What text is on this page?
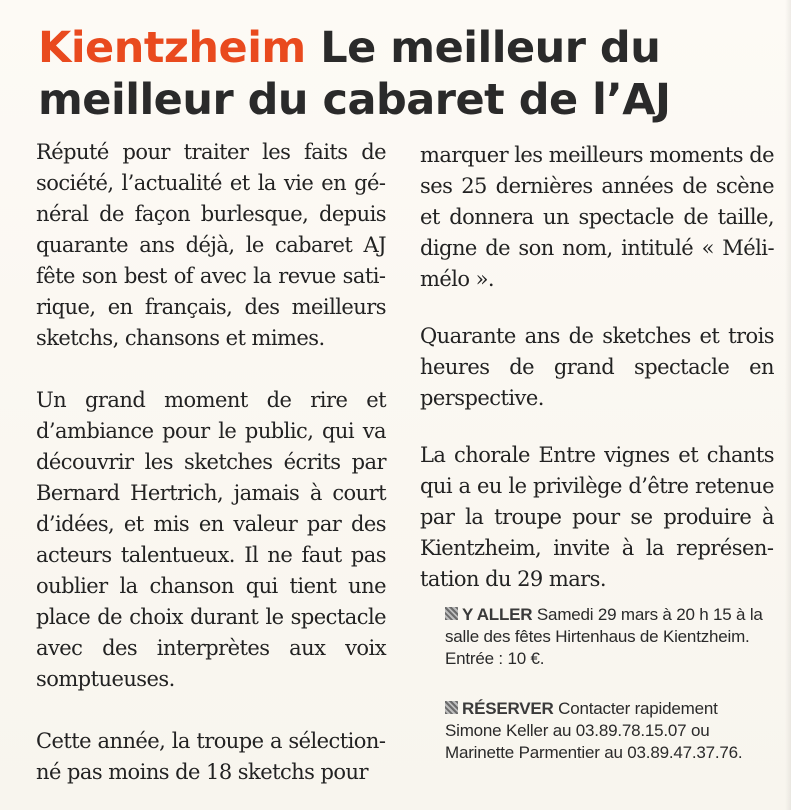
Kientzheim Le meilleur du meilleur du cabaret de l’AJ

Réputé pour traiter les faits de société, l’actualité et la vie en général de façon burlesque, depuis quarante ans déjà, le cabaret AJ fête son best of avec la revue satirique, en français, des meilleurs sketchs, chansons et mimes.

Un grand moment de rire et d’ambiance pour le public, qui va découvrir les sketches écrits par Bernard Hertrich, jamais à court d’idées, et mis en valeur par des acteurs talentueux. Il ne faut pas oublier la chanson qui tient une place de choix durant le spectacle avec des interprètes aux voix somptueuses.

Cette année, la troupe a sélectionné pas moins de 18 sketchs pour

marquer les meilleurs moments de ses 25 dernières années de scène et donnera un spectacle de taille, digne de son nom, intitulé « Méli-mélo ».

Quarante ans de sketches et trois heures de grand spectacle en perspective.

La chorale Entre vignes et chants qui a eu le privilège d’être retenue par la troupe pour se produire à Kientzheim, invite à la représentation du 29 mars.

Y ALLER Samedi 29 mars à 20 h 15 à la salle des fêtes Hirtenhaus de Kientzheim. Entrée : 10 €.

RÉSERVER Contacter rapidement Simone Keller au 03.89.78.15.07 ou Marinette Parmentier au 03.89.47.37.76.
